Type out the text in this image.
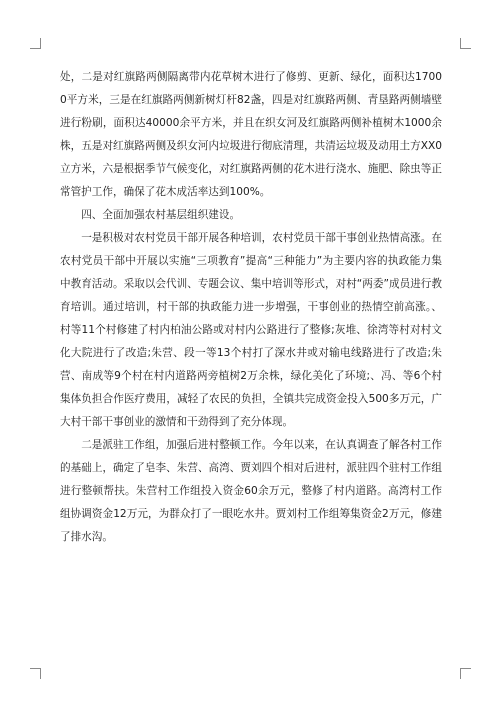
处，二是对红旗路两侧隔离带内花草树木进行了修剪、更新、绿化，面积达17000平方米，三是在红旗路两侧新树灯杆82盏，四是对红旗路两侧、青垦路两侧墙壁进行粉刷，面积达40000余平方米，并且在织女河及红旗路两侧补植树木1000余株，五是对红旗路两侧及织女河内垃圾进行彻底清理，共清运垃圾及动用土方XX0立方米，六是根据季节气候变化，对红旗路两侧的花木进行浇水、施肥、除虫等正常管护工作，确保了花木成活率达到100%。

四、全面加强农村基层组织建设。

一是积极对农村党员干部开展各种培训，农村党员干部干事创业热情高涨。在农村党员干部中开展以实施“三项教育”提高“三种能力”为主要内容的执政能力集中教育活动。采取以会代训、专题会议、集中培训等形式，对村“两委”成员进行教育培训。通过培训，村干部的执政能力进一步增强，干事创业的热情空前高涨。、村等11个村修建了村内柏油公路或对村内公路进行了整修;灰堆、徐湾等村对村文化大院进行了改造;朱营、段一等13个村打了深水井或对输电线路进行了改造;朱营、南成等9个村在村内道路两旁植树2万余株，绿化美化了环境;、冯、等6个村集体负担合作医疗费用，减轻了农民的负担，全镇共完成资金投入500多万元，广大村干部干事创业的激情和干劲得到了充分体现。

二是派驻工作组，加强后进村整顿工作。今年以来，在认真调查了解各村工作的基础上，确定了皂李、朱营、高湾、贾刘四个相对后进村，派驻四个驻村工作组进行整顿帮扶。朱营村工作组投入资金60余万元，整修了村内道路。高湾村工作组协调资金12万元，为群众打了一眼吃水井。贾刘村工作组筹集资金2万元，修建了排水沟。
